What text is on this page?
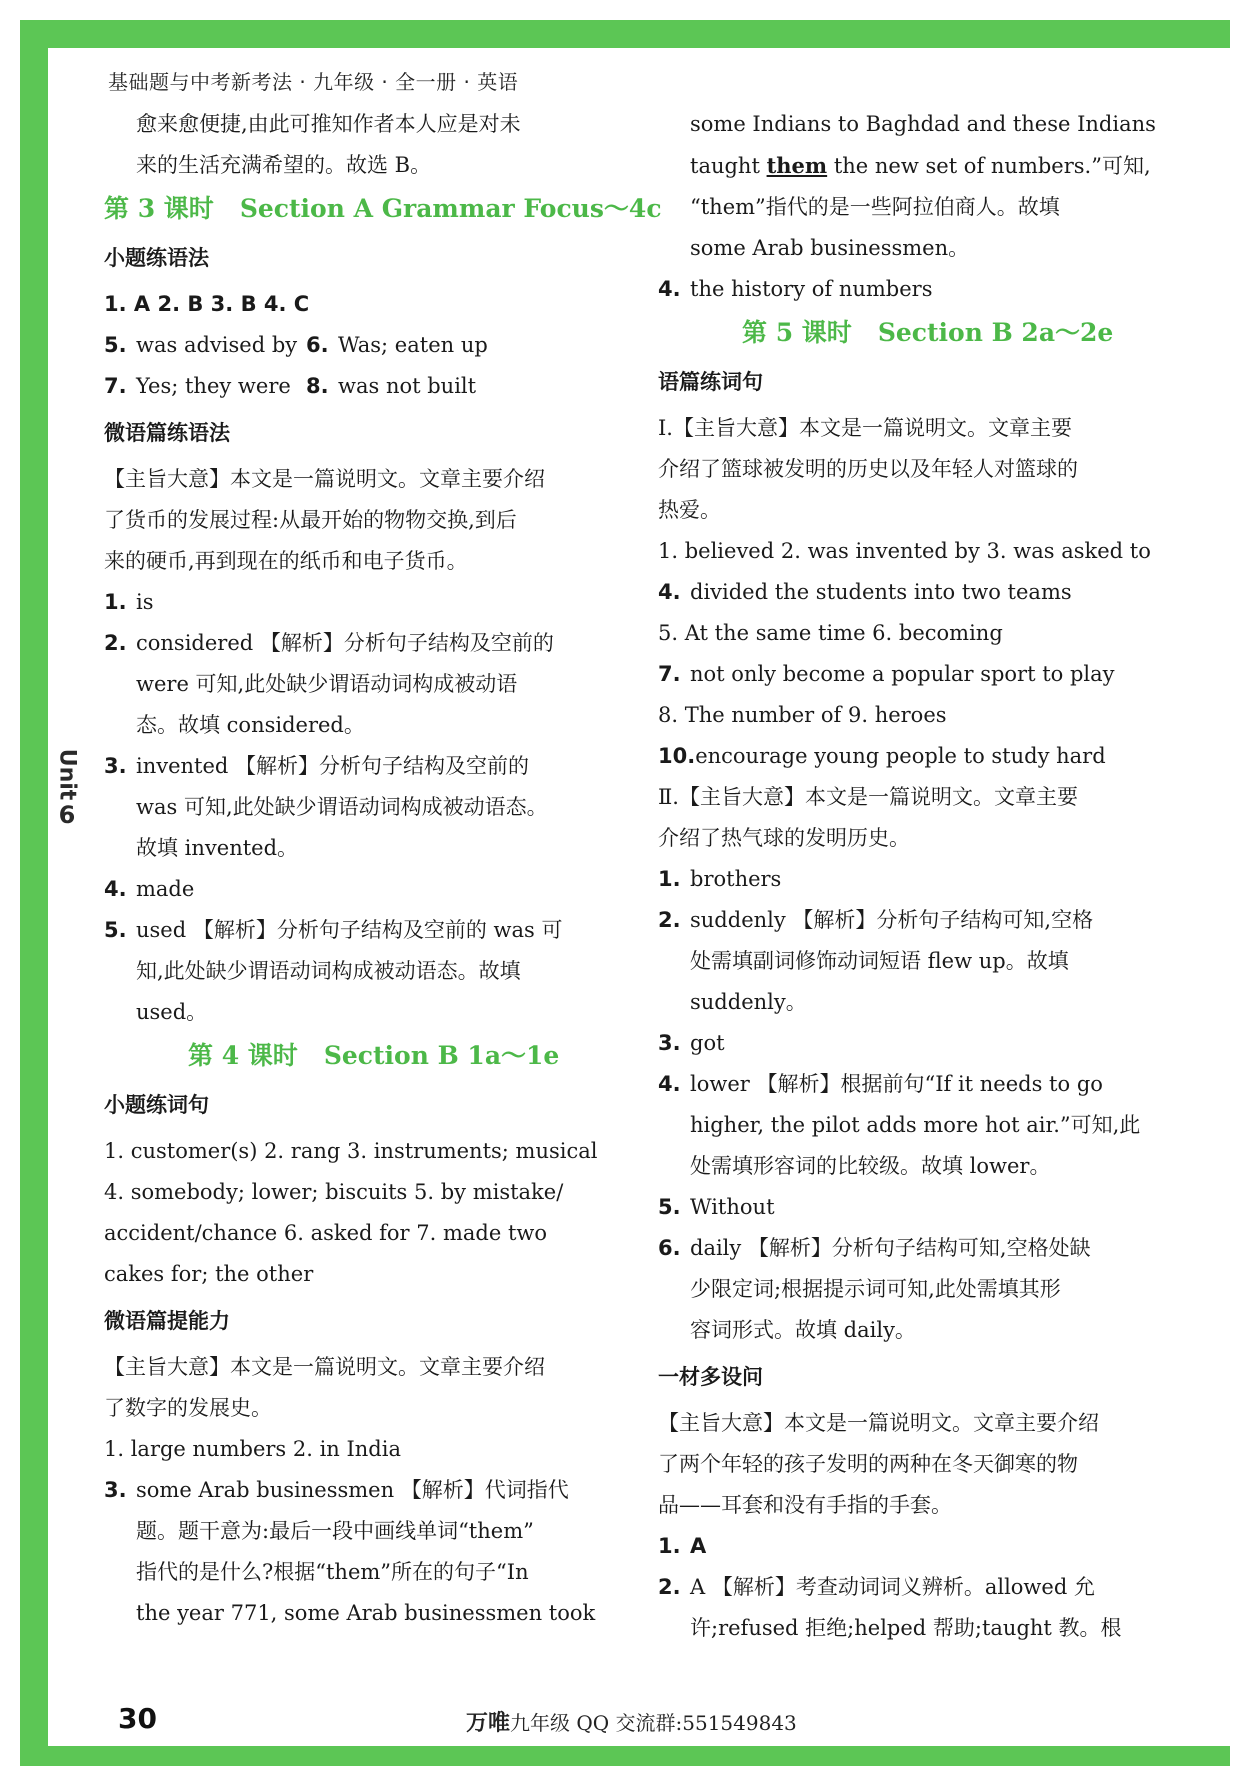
Unit
6
基础题与中考新考法 · 九年级 · 全一册 · 英语

愈来愈便捷,由此可推知作者本人应是对未

来的生活充满希望的。故选 B。

第 3 课时 Section A Grammar Focus～4c

小题练语法

1. A 2. B 3. B 4. C

5. was advised by 6. Was; eaten up

7. Yes; they were 8. was not built

微语篇练语法

【主旨大意】本文是一篇说明文。文章主要介绍

了货币的发展过程:从最开始的物物交换,到后

来的硬币,再到现在的纸币和电子货币。

1. is

2. considered 【解析】分析句子结构及空前的
were 可知,此处缺少谓语动词构成被动语
态。故填 considered。
3. invented 【解析】分析句子结构及空前的
was 可知,此处缺少谓语动词构成被动语态。
故填 invented。

4. made

5. used 【解析】分析句子结构及空前的 was 可
知,此处缺少谓语动词构成被动语态。故填
used。

第 4 课时 Section B 1a～1e

小题练词句

1. customer(s) 2. rang 3. instruments; musical

4. somebody; lower; biscuits 5. by mistake/

accident/chance 6. asked for 7. made two

cakes for; the other

微语篇提能力

【主旨大意】本文是一篇说明文。文章主要介绍

了数字的发展史。

1. large numbers 2. in India

3. some Arab businessmen 【解析】代词指代
题。题干意为:最后一段中画线单词“them”
指代的是什么?根据“them”所在的句子“In
the year 771, some Arab businessmen took

some Indians to Baghdad and these Indians

taught them the new set of numbers.”可知,

“them”指代的是一些阿拉伯商人。故填

some Arab businessmen。

4. the history of numbers

第 5 课时 Section B 2a～2e

语篇练词句

Ⅰ.【主旨大意】本文是一篇说明文。文章主要

介绍了篮球被发明的历史以及年轻人对篮球的

热爱。

1. believed 2. was invented by 3. was asked to

4. divided the students into two teams

5. At the same time 6. becoming

7. not only become a popular sport to play

8. The number of 9. heroes

10. encourage young people to study hard

Ⅱ.【主旨大意】本文是一篇说明文。文章主要

介绍了热气球的发明历史。

1. brothers

2. suddenly 【解析】分析句子结构可知,空格
处需填副词修饰动词短语 flew up。故填
suddenly。

3. got

4. lower 【解析】根据前句“If it needs to go
higher, the pilot adds more hot air.”可知,此
处需填形容词的比较级。故填 lower。

5. Without

6. daily 【解析】分析句子结构可知,空格处缺
少限定词;根据提示词可知,此处需填其形
容词形式。故填 daily。
一材多设问

【主旨大意】本文是一篇说明文。文章主要介绍

了两个年轻的孩子发明的两种在冬天御寒的物

品——耳套和没有手指的手套。

1. A

2. A 【解析】考查动词词义辨析。allowed 允
许;refused 拒绝;helped 帮助;taught 教。根
30	万唯九年级 QQ 交流群:551549843
